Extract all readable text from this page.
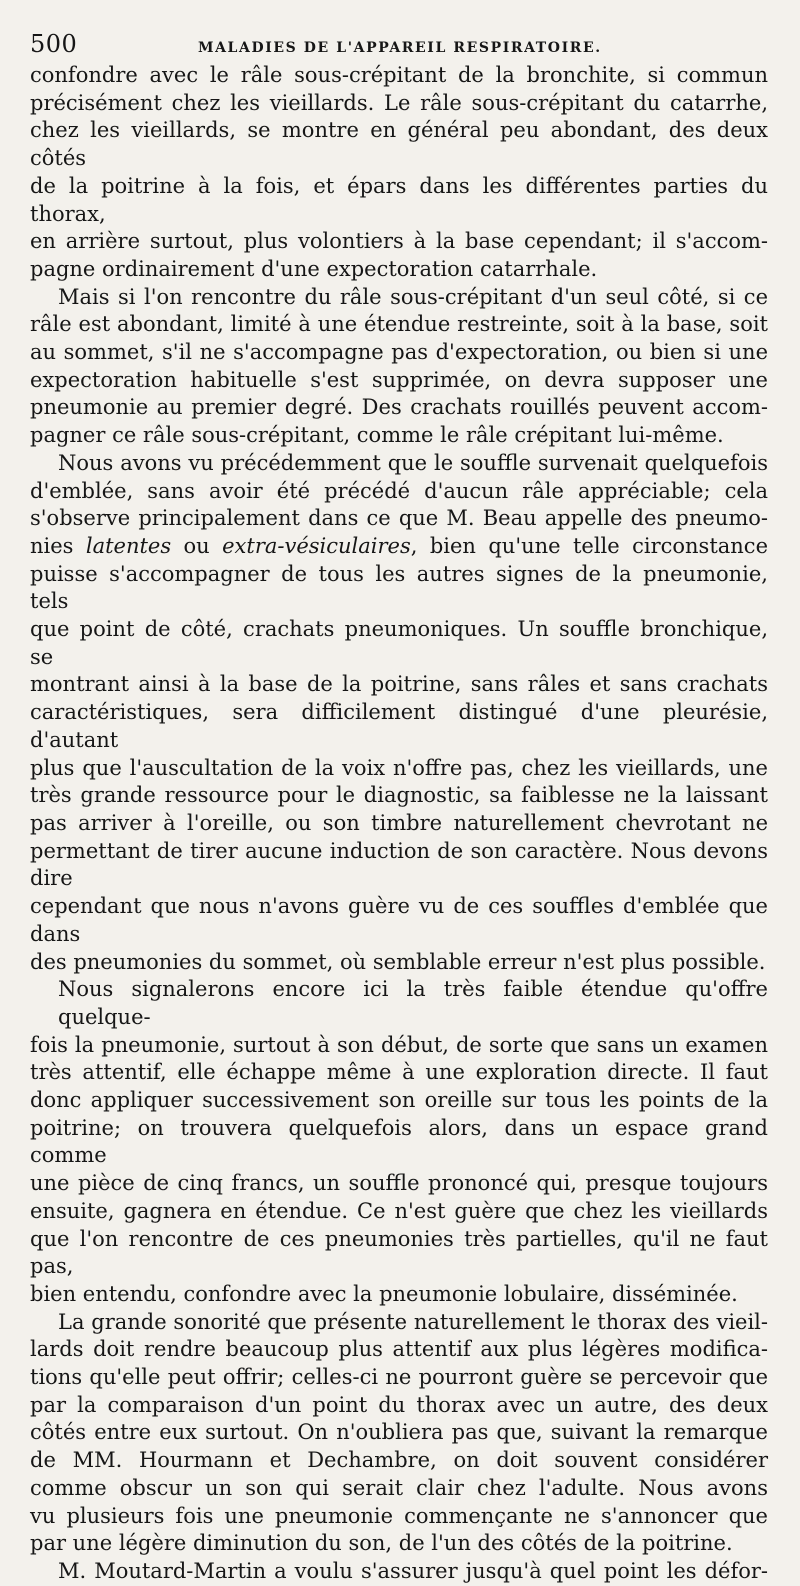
500	MALADIES DE L'APPAREIL RESPIRATOIRE.

confondre avec le râle sous-crépitant de la bronchite, si commun
précisément chez les vieillards. Le râle sous-crépitant du catarrhe,
chez les vieillards, se montre en général peu abondant, des deux côtés
de la poitrine à la fois, et épars dans les différentes parties du thorax,
en arrière surtout, plus volontiers à la base cependant; il s'accom-
pagne ordinairement d'une expectoration catarrhale.

Mais si l'on rencontre du râle sous-crépitant d'un seul côté, si ce
râle est abondant, limité à une étendue restreinte, soit à la base, soit
au sommet, s'il ne s'accompagne pas d'expectoration, ou bien si une
expectoration habituelle s'est supprimée, on devra supposer une
pneumonie au premier degré. Des crachats rouillés peuvent accom-
pagner ce râle sous-crépitant, comme le râle crépitant lui-même.

Nous avons vu précédemment que le souffle survenait quelquefois
d'emblée, sans avoir été précédé d'aucun râle appréciable; cela
s'observe principalement dans ce que M. Beau appelle des pneumo-
nies latentes ou extra-vésiculaires, bien qu'une telle circonstance
puisse s'accompagner de tous les autres signes de la pneumonie, tels
que point de côté, crachats pneumoniques. Un souffle bronchique, se
montrant ainsi à la base de la poitrine, sans râles et sans crachats
caractéristiques, sera difficilement distingué d'une pleurésie, d'autant
plus que l'auscultation de la voix n'offre pas, chez les vieillards, une
très grande ressource pour le diagnostic, sa faiblesse ne la laissant
pas arriver à l'oreille, ou son timbre naturellement chevrotant ne
permettant de tirer aucune induction de son caractère. Nous devons dire
cependant que nous n'avons guère vu de ces souffles d'emblée que dans
des pneumonies du sommet, où semblable erreur n'est plus possible.

Nous signalerons encore ici la très faible étendue qu'offre quelque-
fois la pneumonie, surtout à son début, de sorte que sans un examen
très attentif, elle échappe même à une exploration directe. Il faut
donc appliquer successivement son oreille sur tous les points de la
poitrine; on trouvera quelquefois alors, dans un espace grand comme
une pièce de cinq francs, un souffle prononcé qui, presque toujours
ensuite, gagnera en étendue. Ce n'est guère que chez les vieillards
que l'on rencontre de ces pneumonies très partielles, qu'il ne faut pas,
bien entendu, confondre avec la pneumonie lobulaire, disséminée.

La grande sonorité que présente naturellement le thorax des vieil-
lards doit rendre beaucoup plus attentif aux plus légères modifica-
tions qu'elle peut offrir; celles-ci ne pourront guère se percevoir que
par la comparaison d'un point du thorax avec un autre, des deux
côtés entre eux surtout. On n'oubliera pas que, suivant la remarque
de MM. Hourmann et Dechambre, on doit souvent considérer
comme obscur un son qui serait clair chez l'adulte. Nous avons
vu plusieurs fois une pneumonie commençante ne s'annoncer que
par une légère diminution du son, de l'un des côtés de la poitrine.

M. Moutard-Martin a voulu s'assurer jusqu'à quel point les défor-
